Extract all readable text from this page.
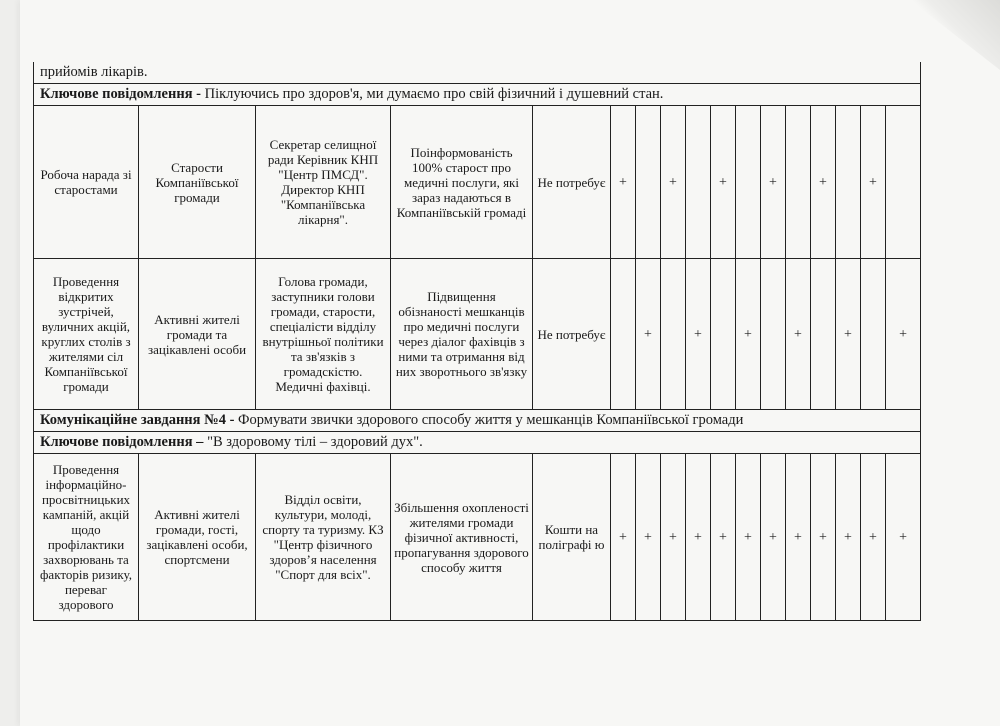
прийомів лікарів.																
Ключове повідомлення - Піклуючись про здоров'я, ми думаємо про свій фізичний і душевний стан.																
Робоча нарада зі старостами	Старости Компаніївської громади	Секретар селищної ради Керівник КНП "Центр ПМСД". Директор КНП "Компаніївська лікарня".	Поінформованість 100% старост про медичні послуги, які зараз надаються в Компаніївській громаді	Не потребує	+		+		+		+		+		+	
Проведення відкритих зустрічей, вуличних акцій, круглих столів з жителями сіл Компаніївської громади	Активні жителі громади та зацікавлені особи	Голова громади, заступники голови громади, старости, спеціалісти відділу внутрішньої політики та зв'язків з громадскістю. Медичні фахівці.	Підвищення обізнаності мешканців про медичні послуги через діалог фахівців з ними та отримання від них зворотнього зв'язку	Не потребує		+		+		+		+		+		+
Комунікаційне завдання №4 - Формувати звички здорового способу життя у мешканців Компаніївської громади																
Ключове повідомлення – "В здоровому тілі – здоровий дух".																
Проведення інформаційно-просвітницьких кампаній, акцій щодо профілактики захворювань та факторів ризику, переваг здорового	Активні жителі громади, гості, зацікавлені особи, спортсмени	Відділ освіти, культури, молоді, спорту та туризму. КЗ "Центр фізичного здоров’я населення "Спорт для всіх".	Збільшення охопленості жителями громади фізичної активності, пропагування здорового способу життя	Кошти на поліграфі ю	+	+	+	+	+	+	+	+	+	+	+	+
